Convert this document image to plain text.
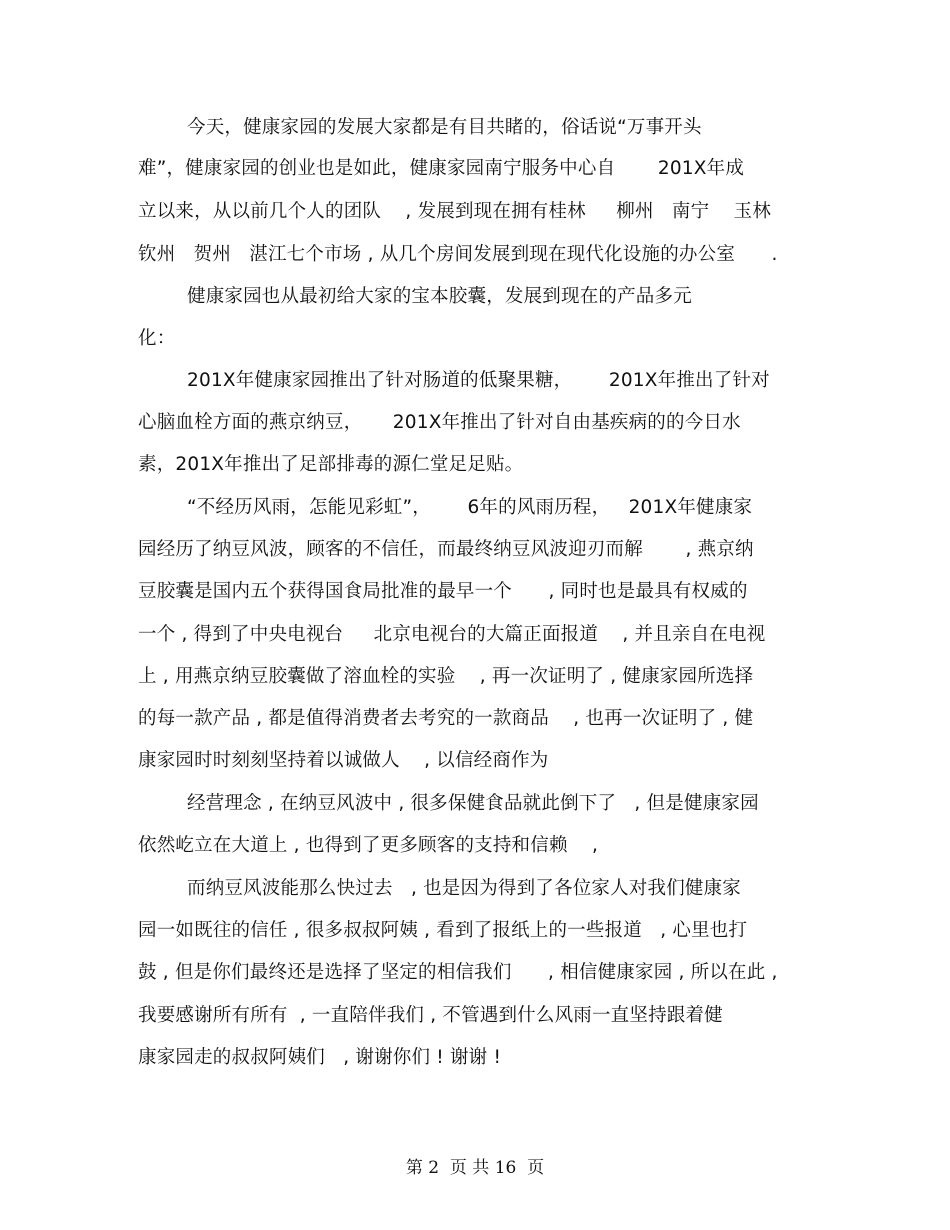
今天，健康家园的发展大家都是有目共睹的，俗话说“万事开头
难”，健康家园的创业也是如此，健康家园南宁服务中心自       201X年成
立以来，从以前几个人的团队    , 发展到现在拥有桂林     柳州   南宁    玉林
钦州   贺州   湛江七个市场 , 从几个房间发展到现在现代化设施的办公室      .
健康家园也从最初给大家的宝本胶囊，发展到现在的产品多元
化：
201X年健康家园推出了针对肠道的低聚果糖，      201X年推出了针对
心脑血栓方面的燕京纳豆，     201X年推出了针对自由基疾病的的今日水
素，201X年推出了足部排毒的源仁堂足足贴。
“不经历风雨，怎能见彩虹”，      6年的风雨历程，   201X年健康家
园经历了纳豆风波，顾客的不信任，而最终纳豆风波迎刃而解       , 燕京纳
豆胶囊是国内五个获得国食局批准的最早一个      , 同时也是最具有权威的
一个 , 得到了中央电视台     北京电视台的大篇正面报道    , 并且亲自在电视
上 , 用燕京纳豆胶囊做了溶血栓的实验    , 再一次证明了 , 健康家园所选择
的每一款产品 , 都是值得消费者去考究的一款商品    , 也再一次证明了 , 健
康家园时时刻刻坚持着以诚做人    , 以信经商作为
经营理念 , 在纳豆风波中 , 很多保健食品就此倒下了   , 但是健康家园
依然屹立在大道上 , 也得到了更多顾客的支持和信赖    ,
而纳豆风波能那么快过去   , 也是因为得到了各位家人对我们健康家
园一如既往的信任 , 很多叔叔阿姨 , 看到了报纸上的一些报道   , 心里也打
鼓 , 但是你们最终还是选择了坚定的相信我们      , 相信健康家园 , 所以在此 ,
我要感谢所有所有  , 一直陪伴我们 , 不管遇到什么风雨一直坚持跟着健
康家园走的叔叔阿姨们   , 谢谢你们 ! 谢谢 !
第 2  页 共 16  页
